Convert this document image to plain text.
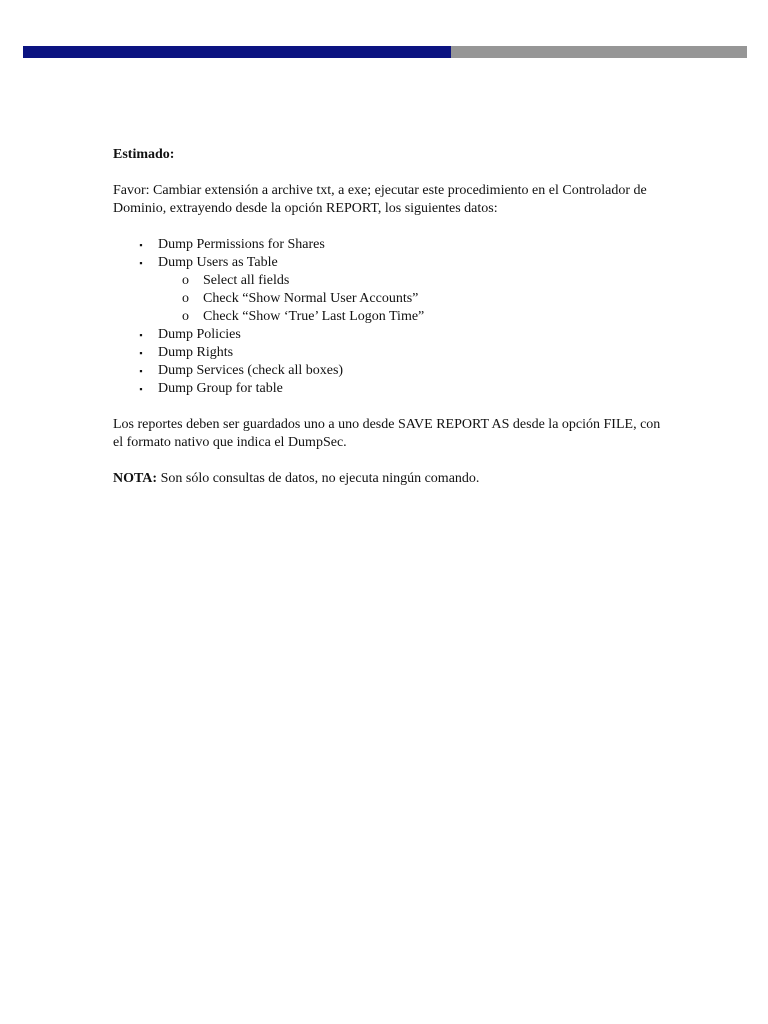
Estimado:

Favor: Cambiar extensión a archive txt, a exe; ejecutar este procedimiento en el Controlador de Dominio, extrayendo desde la opción REPORT, los siguientes datos:

▪ Dump Permissions for Shares
▪ Dump Users as Table
o Select all fields
o Check “Show Normal User Accounts”
o Check “Show ‘True’ Last Logon Time”
▪ Dump Policies
▪ Dump Rights
▪ Dump Services (check all boxes)
▪ Dump Group for table

Los reportes deben ser guardados uno a uno desde SAVE REPORT AS desde la opción FILE, con el formato nativo que indica el DumpSec.

NOTA: Son sólo consultas de datos, no ejecuta ningún comando.
